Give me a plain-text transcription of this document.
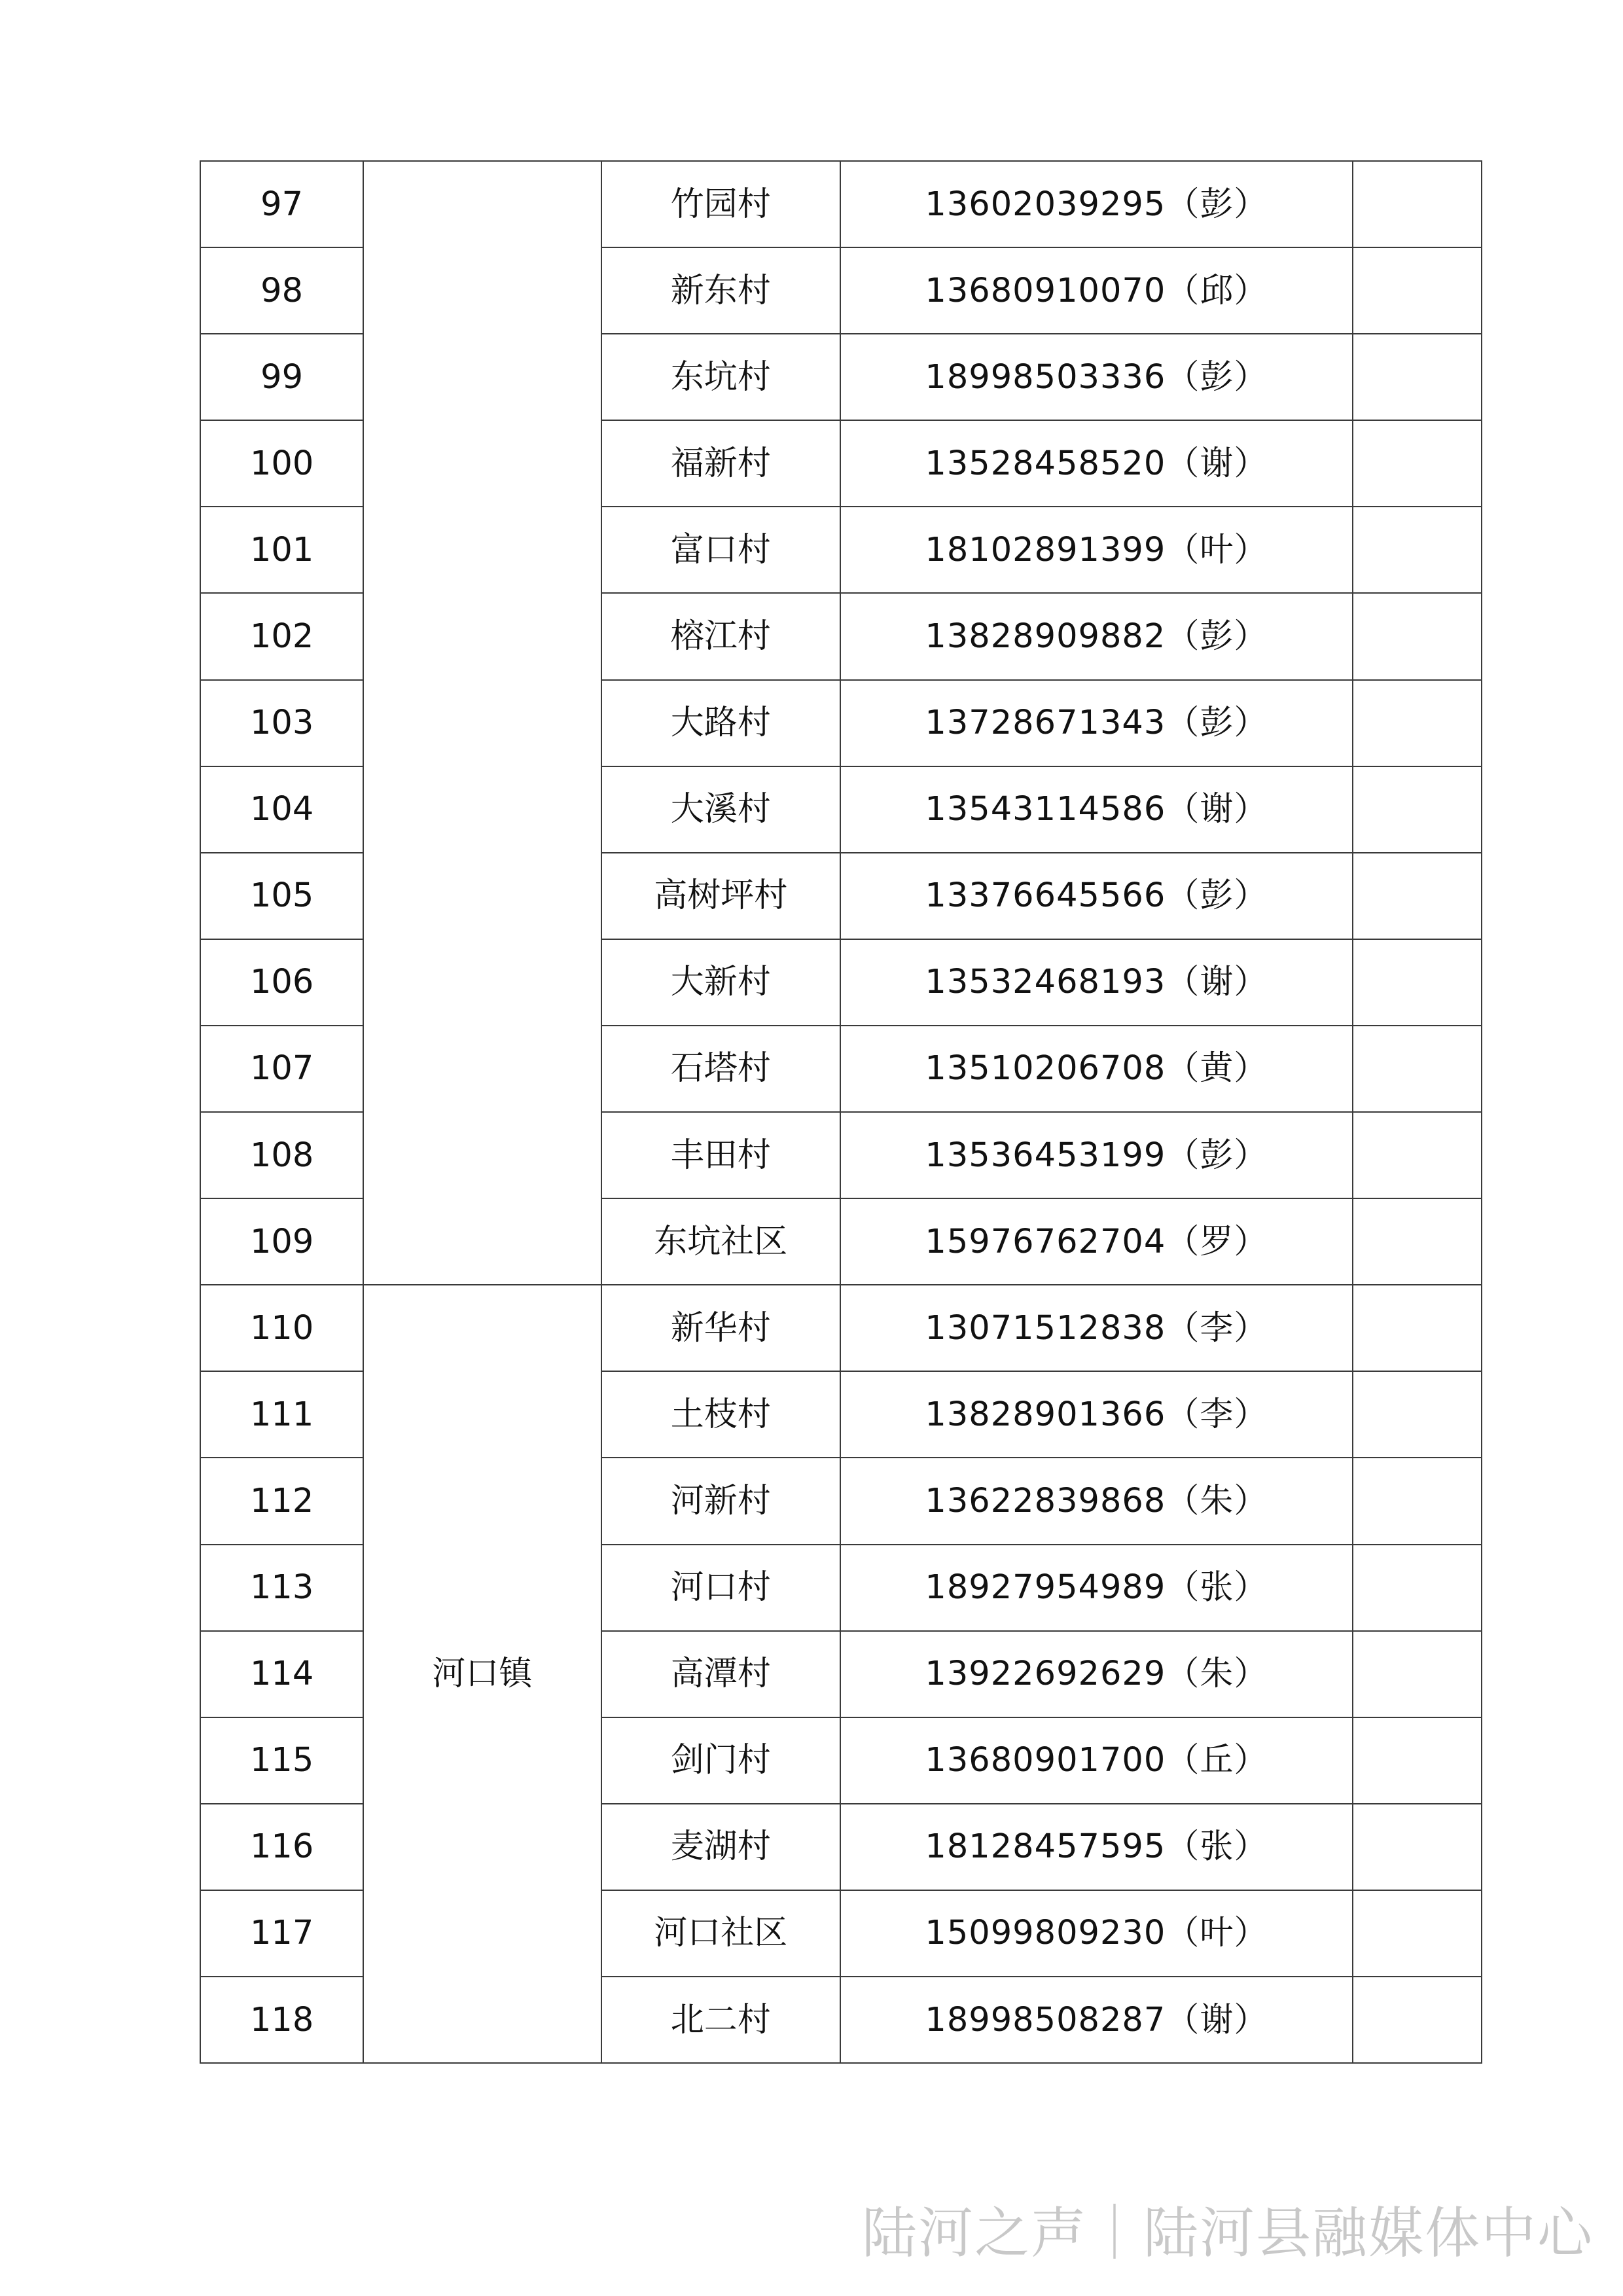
97		竹园村	13602039295（彭）	
98		新东村	13680910070（邱）	
99		东坑村	18998503336（彭）	
100		福新村	13528458520（谢）	
101		富口村	18102891399（叶）	
102		榕江村	13828909882（彭）	
103		大路村	13728671343（彭）	
104		大溪村	13543114586（谢）	
105		高树坪村	13376645566（彭）	
106		大新村	13532468193（谢）	
107		石塔村	13510206708（黄）	
108		丰田村	13536453199（彭）	
109		东坑社区	15976762704（罗）	
110	河口镇	新华村	13071512838（李）	
111		土枝村	13828901366（李）	
112		河新村	13622839868（朱）	
113		河口村	18927954989（张）	
114		高潭村	13922692629（朱）	
115		剑门村	13680901700（丘）	
116		麦湖村	18128457595（张）	
117		河口社区	15099809230（叶）	
118		北二村	18998508287（谢）	
陆河之声｜陆河县融媒体中心
